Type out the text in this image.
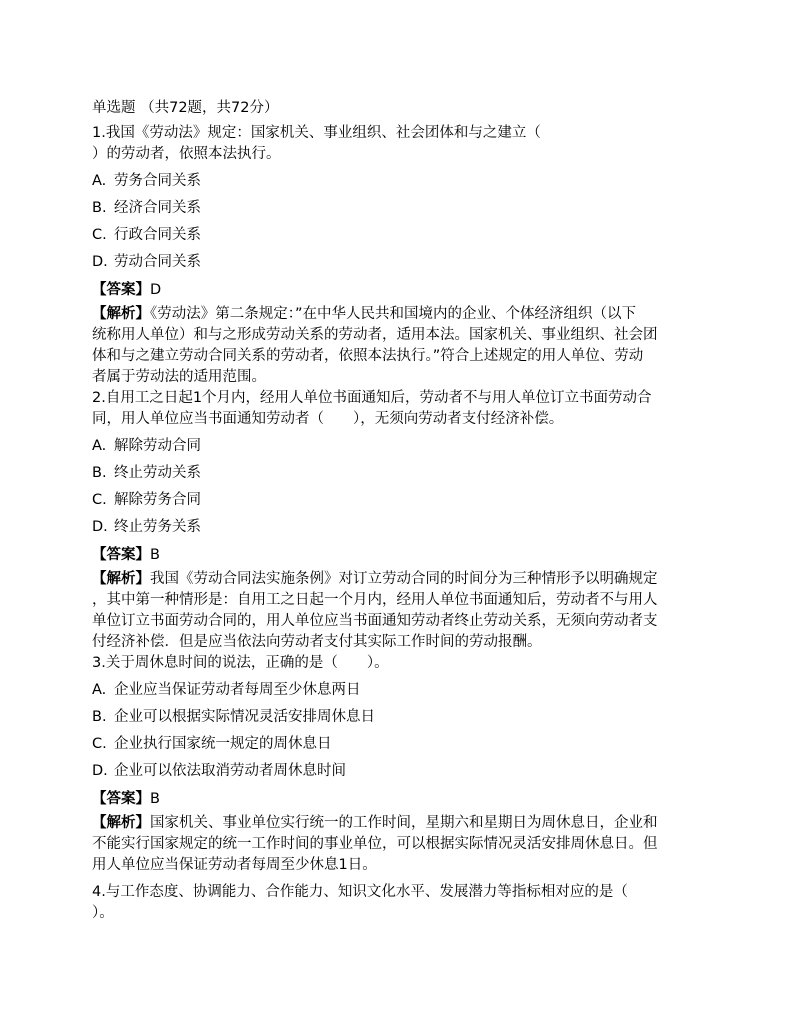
单选题 （共72题，共72分）
1.我国《劳动法》规定：国家机关、事业组织、社会团体和与之建立（
）的劳动者，依照本法执行。
A. 劳务合同关系
B. 经济合同关系
C. 行政合同关系
D. 劳动合同关系
【答案】D
【解析】《劳动法》第二条规定：”在中华人民共和国境内的企业、个体经济组织（以下
统称用人单位）和与之形成劳动关系的劳动者，适用本法。国家机关、事业组织、社会团
体和与之建立劳动合同关系的劳动者，依照本法执行。”符合上述规定的用人单位、劳动
者属于劳动法的适用范围。
2.自用工之日起1个月内，经用人单位书面通知后，劳动者不与用人单位订立书面劳动合
同，用人单位应当书面通知劳动者（　　），无须向劳动者支付经济补偿。
A. 解除劳动合同
B. 终止劳动关系
C. 解除劳务合同
D. 终止劳务关系
【答案】B
【解析】我国《劳动合同法实施条例》对订立劳动合同的时间分为三种情形予以明确规定
，其中第一种情形是：自用工之日起一个月内，经用人单位书面通知后，劳动者不与用人
单位订立书面劳动合同的，用人单位应当书面通知劳动者终止劳动关系，无须向劳动者支
付经济补偿．但是应当依法向劳动者支付其实际工作时间的劳动报酬。
3.关于周休息时间的说法，正确的是（　　）。
A. 企业应当保证劳动者每周至少休息两日
B. 企业可以根据实际情况灵活安排周休息日
C. 企业执行国家统一规定的周休息日
D. 企业可以依法取消劳动者周休息时间
【答案】B
【解析】国家机关、事业单位实行统一的工作时间，星期六和星期日为周休息日，企业和
不能实行国家规定的统一工作时间的事业单位，可以根据实际情况灵活安排周休息日。但
用人单位应当保证劳动者每周至少休息1日。
4.与工作态度、协调能力、合作能力、知识文化水平、发展潜力等指标相对应的是（
）。
